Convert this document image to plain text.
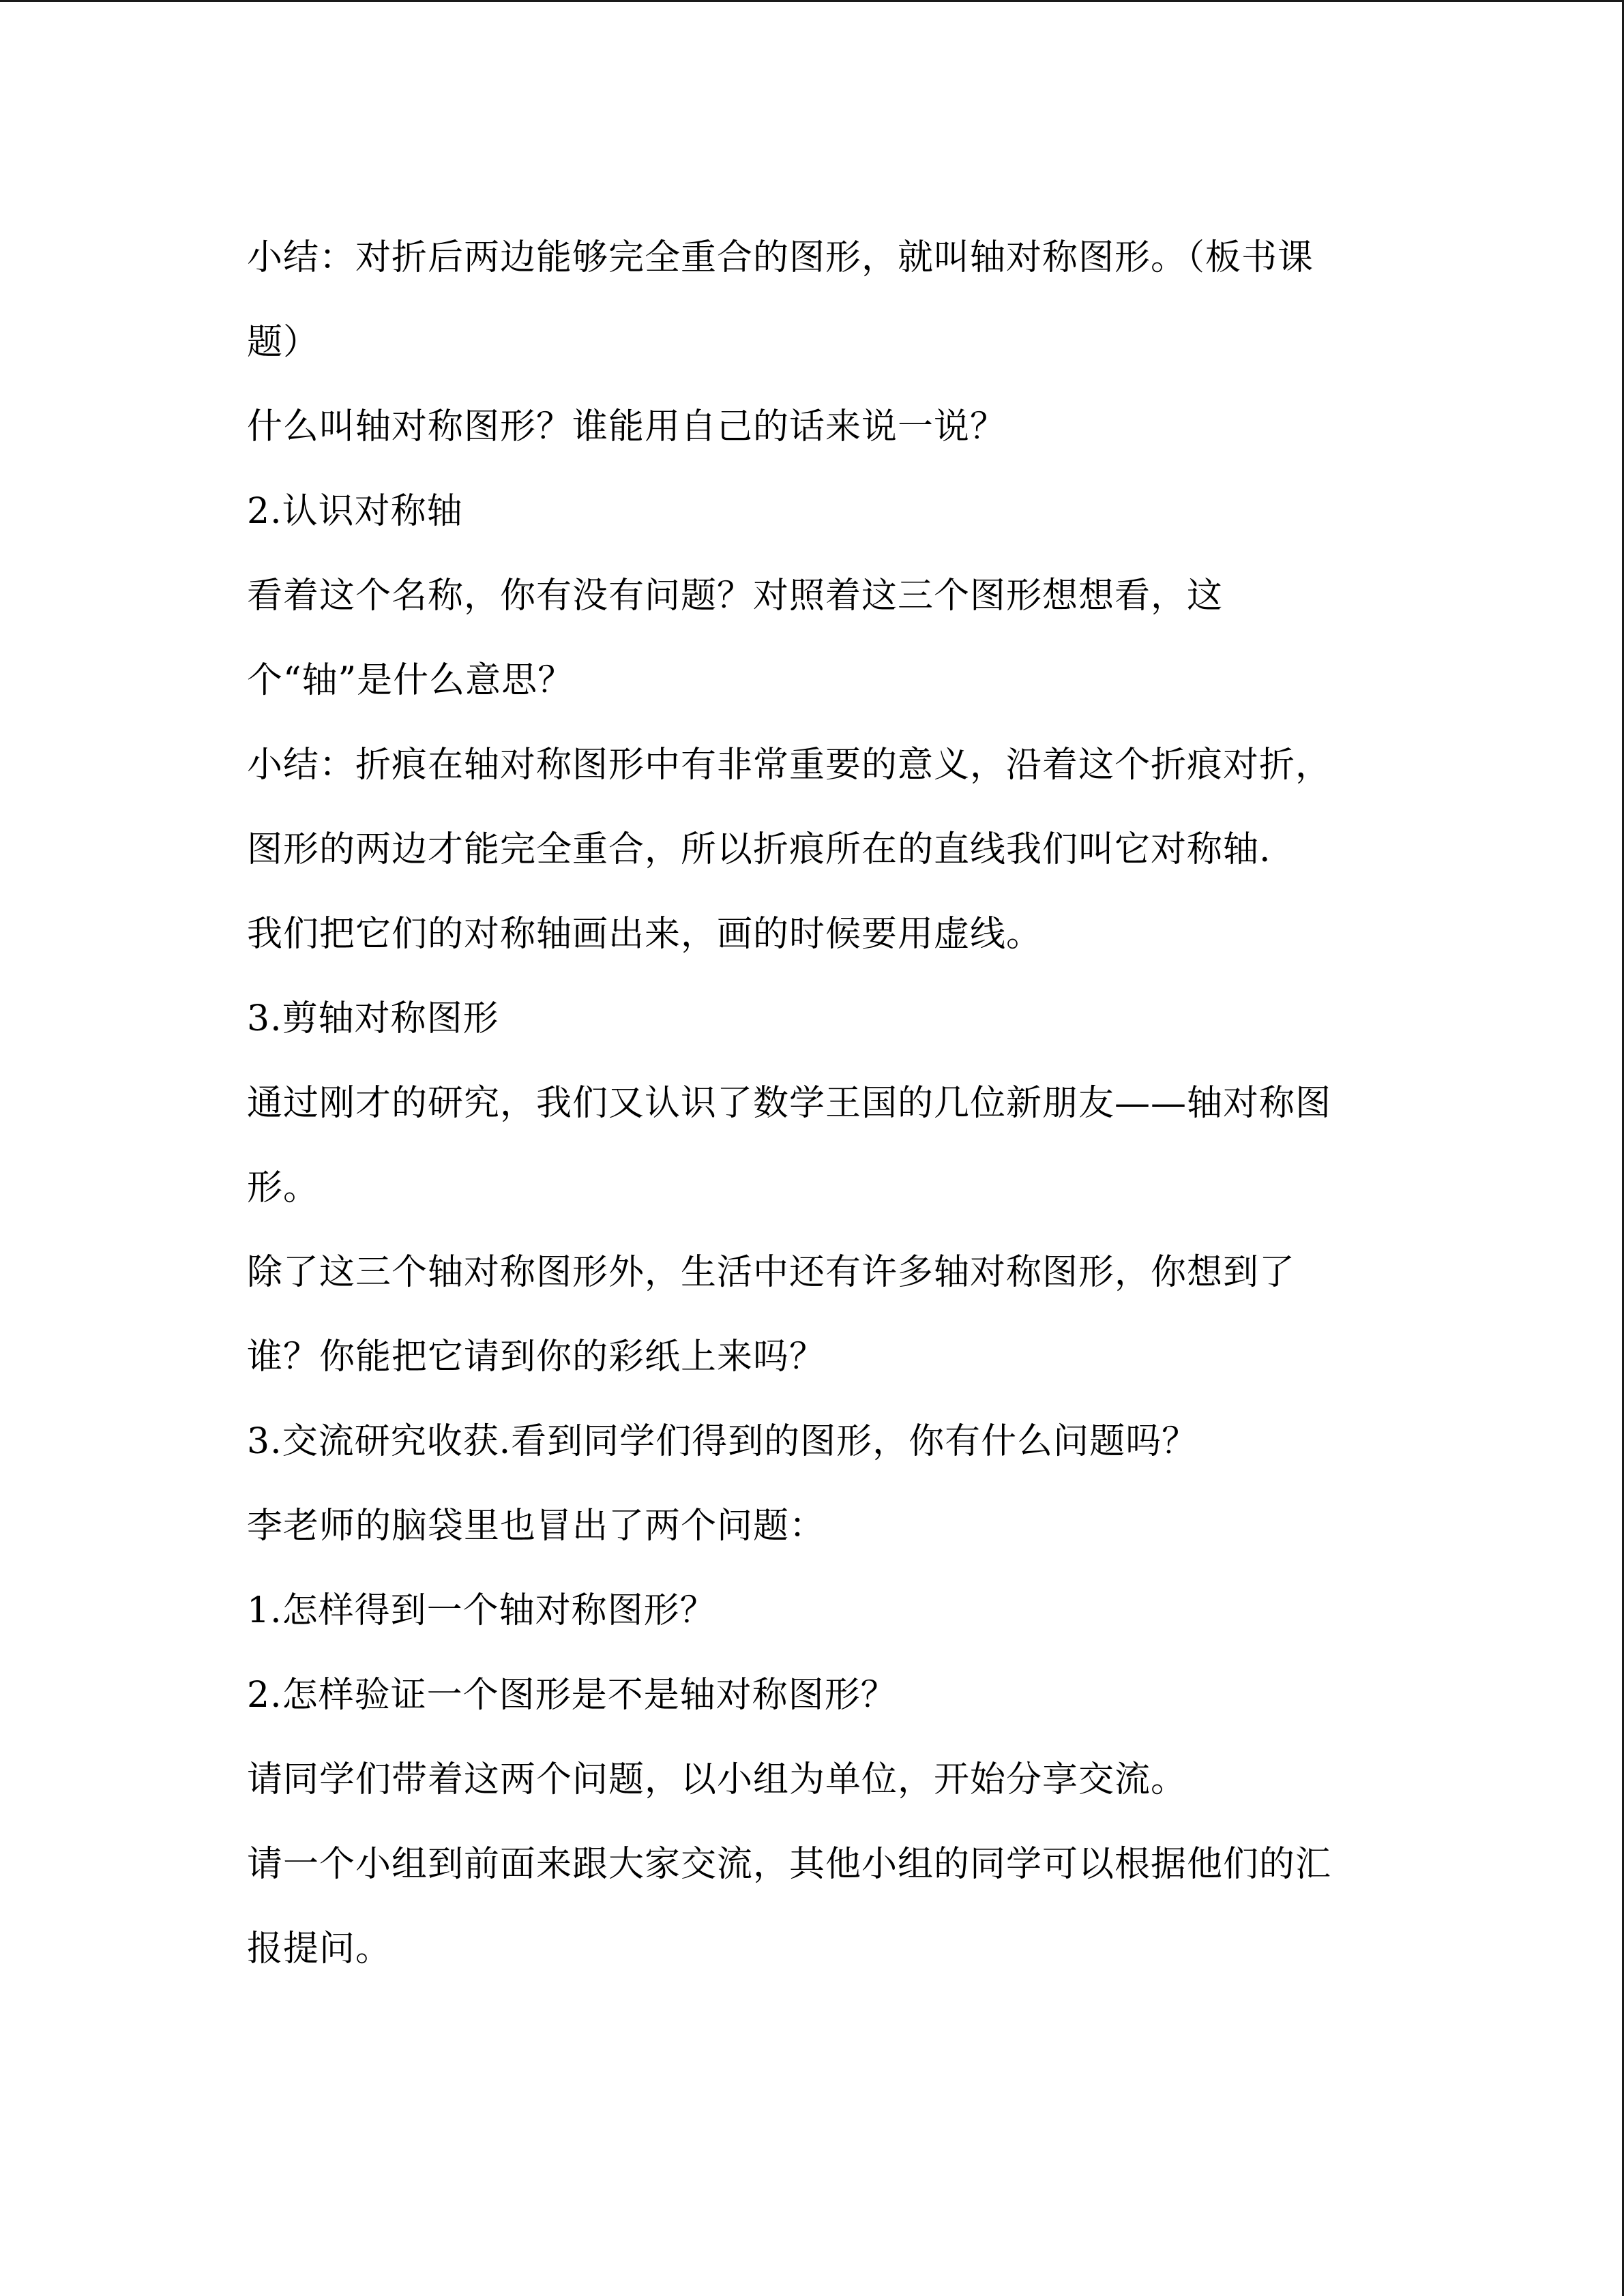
小结：对折后两边能够完全重合的图形，就叫轴对称图形。（板书课题）

什么叫轴对称图形？谁能用自己的话来说一说？

2.认识对称轴

看着这个名称，你有没有问题？对照着这三个图形想想看，这个“轴”是什么意思？

小结：折痕在轴对称图形中有非常重要的意义，沿着这个折痕对折，图形的两边才能完全重合，所以折痕所在的直线我们叫它对称轴.

我们把它们的对称轴画出来，画的时候要用虚线。

3.剪轴对称图形

通过刚才的研究，我们又认识了数学王国的几位新朋友——轴对称图形。

除了这三个轴对称图形外，生活中还有许多轴对称图形，你想到了谁？你能把它请到你的彩纸上来吗？

3.交流研究收获.看到同学们得到的图形，你有什么问题吗？

李老师的脑袋里也冒出了两个问题：

1.怎样得到一个轴对称图形？

2.怎样验证一个图形是不是轴对称图形？

请同学们带着这两个问题，以小组为单位，开始分享交流。

请一个小组到前面来跟大家交流，其他小组的同学可以根据他们的汇报提问。
